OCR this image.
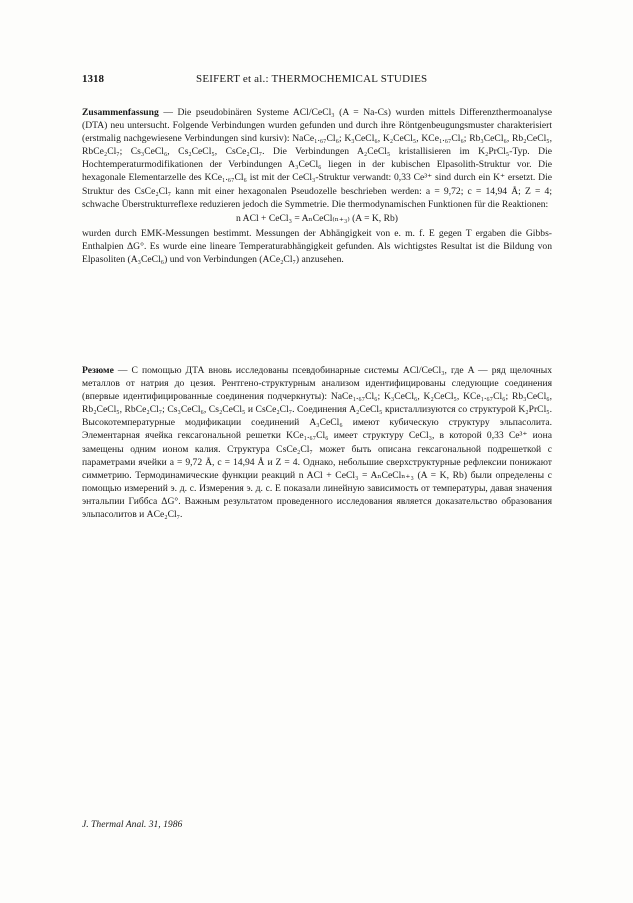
1318	SEIFERT et al.: THERMOCHEMICAL STUDIES

Zusammenfassung — Die pseudobinären Systeme ACl/CeCl₃ (A = Na-Cs) wurden mittels Differenzthermoanalyse (DTA) neu untersucht. Folgende Verbindungen wurden gefunden und durch ihre Röntgenbeugungsmuster charakterisiert (erstmalig nachgewiesene Verbindungen sind kursiv): NaCe₁.₆₇Cl₆; K₃CeCl₆, K₂CeCl₅, KCe₁.₆₇Cl₆; Rb₃CeCl₆, Rb₂CeCl₅, RbCe₂Cl₇; Cs₃CeCl₆, Cs₂CeCl₅, CsCe₂Cl₇. Die Verbindungen A₂CeCl₅ kristallisieren im K₂PrCl₅-Typ. Die Hochtemperaturmodifikationen der Verbindungen A₃CeCl₆ liegen in der kubischen Elpasolith-Struktur vor. Die hexagonale Elementarzelle des KCe₁.₆₇Cl₆ ist mit der CeCl₃-Struktur verwandt: 0,33 Ce³⁺ sind durch ein K⁺ ersetzt. Die Struktur des CsCe₂Cl₇ kann mit einer hexagonalen Pseudozelle beschrieben werden: a = 9,72; c = 14,94 Å; Z = 4; schwache Überstrukturreflexe reduzieren jedoch die Symmetrie. Die thermodynamischen Funktionen für die Reaktionen:

n ACl + CeCl₃ = AₙCeCl₍ₙ₊₃₎ (A = K, Rb)

wurden durch EMK-Messungen bestimmt. Messungen der Abhängigkeit von e. m. f. E gegen T ergaben die Gibbs-Enthalpien ΔG°. Es wurde eine lineare Temperaturabhängigkeit gefunden. Als wichtigstes Resultat ist die Bildung von Elpasoliten (A₃CeCl₆) und von Verbindungen (ACe₂Cl₇) anzusehen.

Резюме — С помощью ДТА вновь исследованы псевдобинарные системы ACl/CeCl₃, где A — ряд щелочных металлов от натрия до цезия. Рентгено-структурным анализом идентифицированы следующие соединения (впервые идентифицированные соединения подчеркнуты): NaCe₁.₆₇Cl₆; K₃CeCl₆, K₂CeCl₅, KCe₁.₆₇Cl₆; Rb₃CeCl₆, Rb₂CeCl₅, RbCe₂Cl₇; Cs₃CeCl₆, Cs₂CeCl₅ и CsCe₂Cl₇. Соединения A₂CeCl₅ кристаллизуются со структурой K₂PrCl₅. Высокотемпературные модификации соединений A₃CeCl₆ имеют кубическую структуру эльпасолита. Элементарная ячейка гексагональной решетки KCe₁.₆₇Cl₆ имеет структуру CeCl₃, в которой 0,33 Ce³⁺ иона замещены одним ионом калия. Структура CsCe₂Cl₇ может быть описана гексагональной подрешеткой с параметрами ячейки a = 9,72 Å, c = 14,94 Å и Z = 4. Однако, небольшие сверхструктурные рефлексии понижают симметрию. Термодинамические функции реакций n ACl + CeCl₃ = AₙCeClₙ₊₃ (A = K, Rb) были определены с помощью измерений э. д. с. Измерения э. д. с. E показали линейную зависимость от температуры, давая значения энтальпии Гиббса ΔG°. Важным результатом проведенного исследования является доказательство образования эльпасолитов и ACe₂Cl₇.

J. Thermal Anal. 31, 1986
